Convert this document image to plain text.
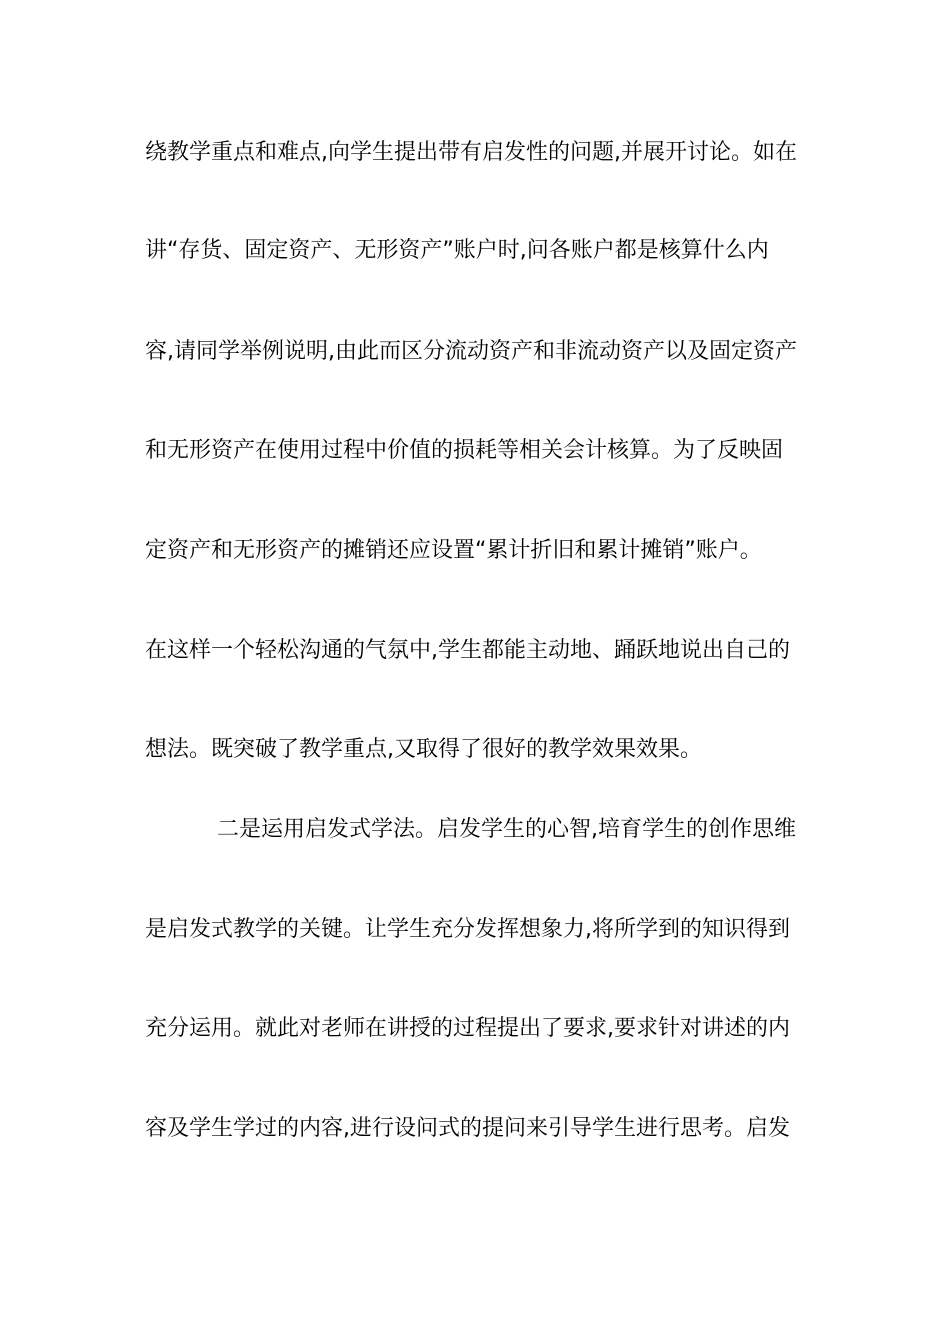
绕教学重点和难点,向学生提出带有启发性的问题,并展开讨论。如在
讲“存货、固定资产、无形资产”账户时,问各账户都是核算什么内
容,请同学举例说明,由此而区分流动资产和非流动资产以及固定资产
和无形资产在使用过程中价值的损耗等相关会计核算。为了反映固
定资产和无形资产的摊销还应设置“累计折旧和累计摊销”账户。
在这样一个轻松沟通的气氛中,学生都能主动地、踊跃地说出自己的
想法。既突破了教学重点,又取得了很好的教学效果效果。
二是运用启发式学法。启发学生的心智,培育学生的创作思维
是启发式教学的关键。让学生充分发挥想象力,将所学到的知识得到
充分运用。就此对老师在讲授的过程提出了要求,要求针对讲述的内
容及学生学过的内容,进行设问式的提问来引导学生进行思考。启发
